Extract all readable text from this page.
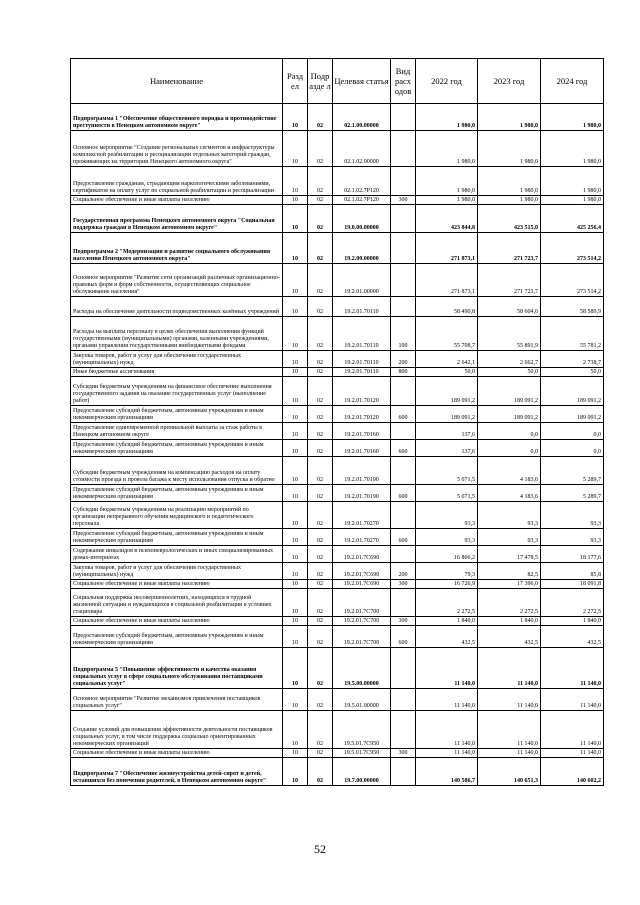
Наименование	Разд ел	Подр азде л	Целевая статья	Вид расх одов	2022 год	2023 год	2024 год
Подпрограмма 1 "Обеспечение общественного порядка и противодействие преступности в Ненецком автономном округе"	10	02	02.1.00.00000		1 980,0	1 980,0	1 980,0
Основное мероприятие "Создание региональных сегментов и инфраструктуры комплексной реабилитации и ресоциализации отдельных категорий граждан, проживающих на территории Ненецкого автономного округа"	10	02	02.1.02.00000		1 980,0	1 980,0	1 980,0
Предоставление гражданам, страдающим наркологическими заболеваниями, сертификатов на оплату услуг по социальной реабилитации и ресоциализации	10	02	02.1.02.7Р120		1 980,0	1 980,0	1 980,0
Социальное обеспечение и иные выплаты населению	10	02	02.1.02.7Р120	300	1 980,0	1 980,0	1 980,0
Государственная программа Ненецкого автономного округа "Социальная поддержка граждан в Ненецком автономном округе"	10	02	19.0.00.00000		423 844,8	423 515,0	425 256,4
Подпрограмма 2 "Модернизация и развитие социального обслуживания населения Ненецкого автономного округа"	10	02	19.2.00.00000		271 873,1	271 723,7	273 514,2
Основное мероприятие "Развитие сети организаций различных организационно-правовых форм и форм собственности, осуществляющих социальное обслуживание населения"	10	02	19.2.01.00000		271 873,1	271 723,7	273 514,2
Расходы на обеспечение деятельности подведомственных казённых учреждений	10	02	19.2.01.70110		58 490,8	58 604,6	58 589,9
Расходы на выплаты персоналу в целях обеспечения выполнения функций государственными (муниципальными) органами, казенными учреждениями, органами управления государственными внебюджетными фондами	10	02	19.2.01.70110	100	55 708,7	55 891,9	55 781,2
Закупка товаров, работ и услуг для обеспечения государственных (муниципальных) нужд	10	02	19.2.01.70110	200	2 642,1	2 662,7	2 738,7
Иные бюджетные ассигнования	10	02	19.2.01.70110	800	50,0	50,0	50,0
Субсидии бюджетным учреждениям на финансовое обеспечение выполнения государственного задания на оказание государственных услуг (выполнение работ)	10	02	19.2.01.70120		189 091,2	189 091,2	189 091,2
Предоставление субсидий бюджетным, автономным учреждениям и иным некоммерческим организациям	10	02	19.2.01.70120	600	189 091,2	189 091,2	189 091,2
Предоставление единовременной премиальной выплаты за стаж работы в Ненецком автономном округе	10	02	19.2.01.70160		137,6	0,0	0,0
Предоставление субсидий бюджетным, автономным учреждениям и иным некоммерческим организациям	10	02	19.2.01.70160	600	137,6	0,0	0,0
Субсидии бюджетным учреждениям на компенсацию расходов на оплату стоимости проезда и провоза багажа к месту использования отпуска и обратно	10	02	19.2.01.70190		5 071,5	4 183,6	5 289,7
Предоставление субсидий бюджетным, автономным учреждениям и иным некоммерческим организациям	10	02	19.2.01.70190	600	5 071,5	4 183,6	5 289,7
Субсидии бюджетным учреждениям на реализацию мероприятий по организации непрерывного обучения медицинского и педагогического персонала	10	02	19.2.01.70270		93,3	93,3	93,3
Предоставление субсидий бюджетным, автономным учреждениям и иным некоммерческим организациям	10	02	19.2.01.70270	600	93,3	93,3	93,3
Содержание инвалидов в психоневрологических и иных специализированных домах-интернатах	10	02	19.2.01.7С690		16 806,2	17 478,5	18 177,6
Закупка товаров, работ и услуг для обеспечения государственных (муниципальных) нужд	10	02	19.2.01.7С690	200	79,3	82,5	85,8
Социальное обеспечение и иные выплаты населению	10	02	19.2.01.7С690	300	16 726,9	17 396,0	18 091,8
Социальная поддержка несовершеннолетних, находящихся в трудной жизненной ситуации и нуждающихся в социальной реабилитации в условиях стационара	10	02	19.2.01.7С700		2 272,5	2 272,5	2 272,5
Социальное обеспечение и иные выплаты населению	10	02	19.2.01.7С700	300	1 840,0	1 840,0	1 840,0
Предоставление субсидий бюджетным, автономным учреждениям и иным некоммерческим организациям	10	02	19.2.01.7С700	600	432,5	432,5	432,5
Подпрограмма 5 "Повышение эффективности и качества оказания социальных услуг в сфере социального обслуживания поставщиками социальных услуг"	10	02	19.5.00.00000		11 140,0	11 140,0	11 140,0
Основное мероприятие "Развитие механизмов привлечения поставщиков социальных услуг"	10	02	19.5.01.00000		11 140,0	11 140,0	11 140,0
Создание условий для повышения эффективности деятельности поставщиков социальных услуг, в том числе поддержка социально ориентированных некоммерческих организаций	10	02	19.5.01.7С950		11 140,0	11 140,0	11 140,0
Социальное обеспечение и иные выплаты населению	10	02	19.5.01.7С950	300	11 140,0	11 140,0	11 140,0
Подпрограмма 7 "Обеспечение жизнеустройства детей-сирот и детей, оставшихся без попечения родителей, в Ненецком автономном округе"	10	02	19.7.00.00000		140 586,7	140 651,3	140 602,2
52
